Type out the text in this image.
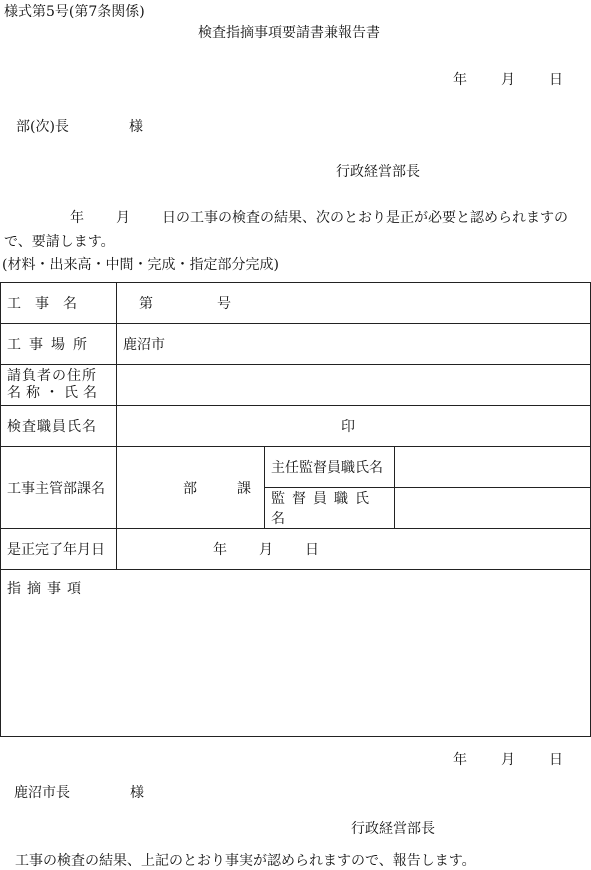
様式第5号(第7条関係)
検査指摘事項要請書兼報告書
年 月 日
部(次)長	様
行政経営部長
年 月 日の工事の検査の結果、次のとおり是正が必要と認められますの
で、要請します。
(材料・出来高・中間・完成・指定部分完成)
工　事　名	第 号		
工事場所	鹿沼市		

請負者の住所
名称・氏名			

検査職員氏名	印		
工事主管部課名	部 課	主任監督員職氏名	
		監督員職氏名	
是正完了年月日	年 月 日		
指摘事項			
年 月 日
鹿沼市長	様
行政経営部長
工事の検査の結果、上記のとおり事実が認められますので、報告します。
